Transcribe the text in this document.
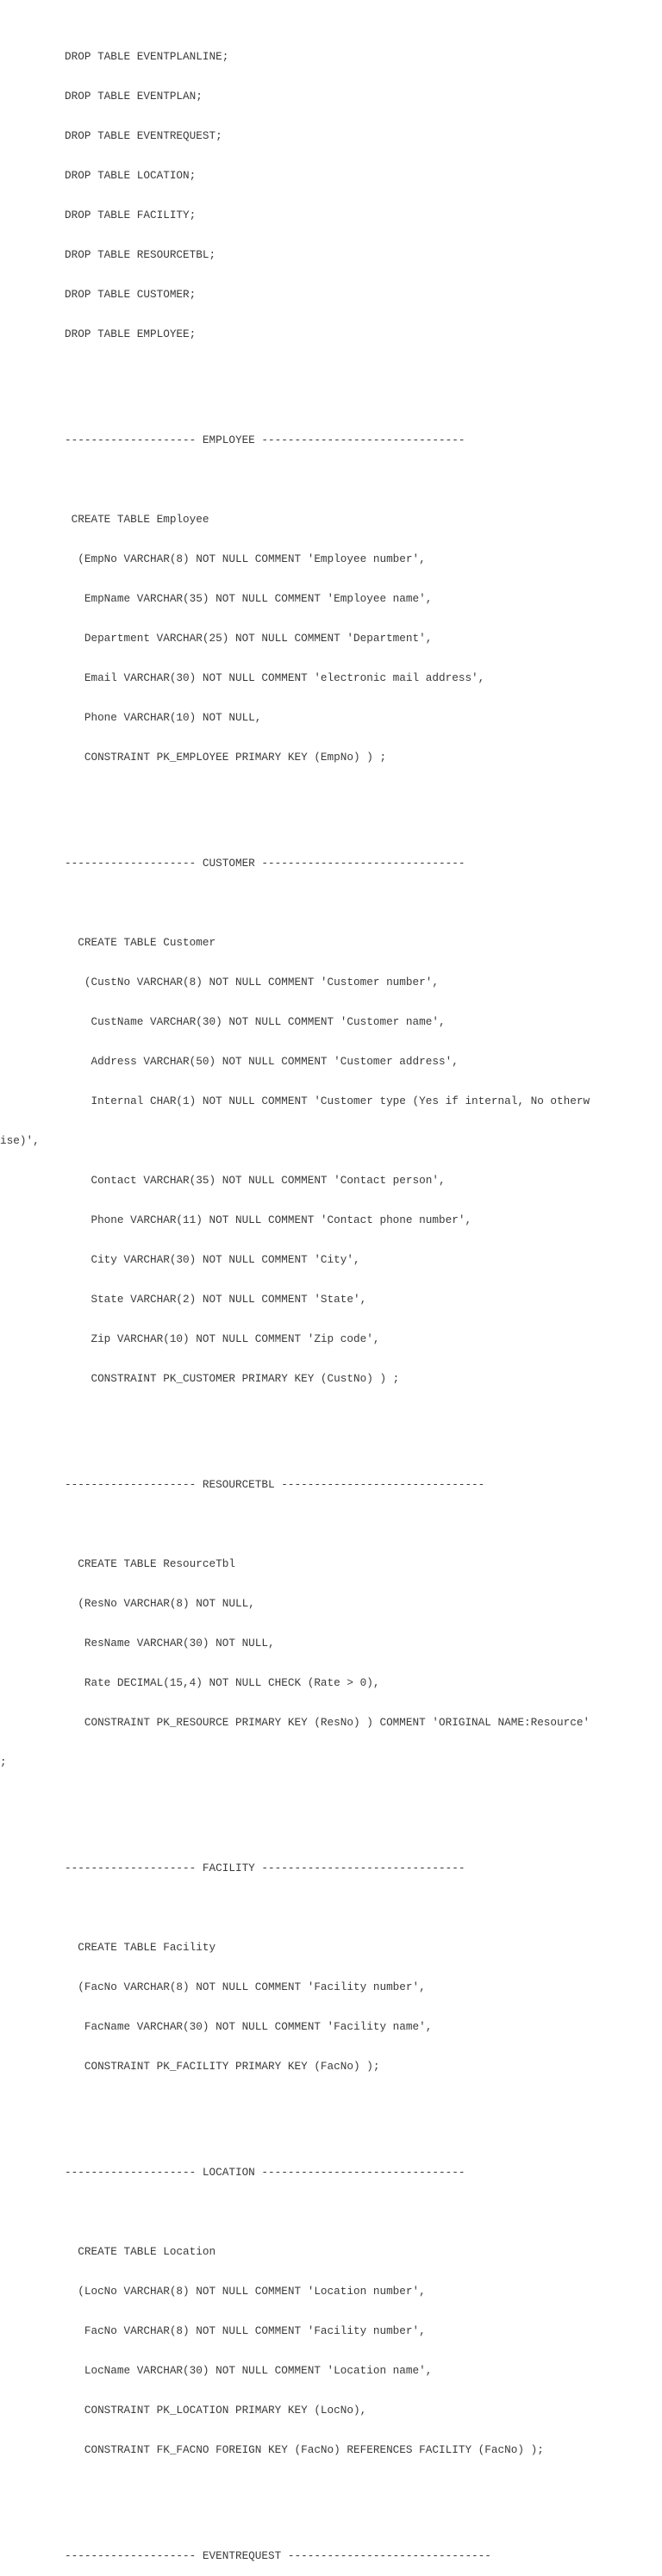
DROP TABLE EVENTPLANLINE;

DROP TABLE EVENTPLAN;

DROP TABLE EVENTREQUEST;

DROP TABLE LOCATION;

DROP TABLE FACILITY;

DROP TABLE RESOURCETBL;

DROP TABLE CUSTOMER;

DROP TABLE EMPLOYEE;

-------------------- EMPLOYEE -------------------------------

CREATE TABLE Employee

(EmpNo VARCHAR(8) NOT NULL COMMENT 'Employee number',

EmpName VARCHAR(35) NOT NULL COMMENT 'Employee name',

Department VARCHAR(25) NOT NULL COMMENT 'Department',

Email VARCHAR(30) NOT NULL COMMENT 'electronic mail address',

Phone VARCHAR(10) NOT NULL,

CONSTRAINT PK_EMPLOYEE PRIMARY KEY (EmpNo) ) ;

-------------------- CUSTOMER -------------------------------

CREATE TABLE Customer

(CustNo VARCHAR(8) NOT NULL COMMENT 'Customer number',

CustName VARCHAR(30) NOT NULL COMMENT 'Customer name',

Address VARCHAR(50) NOT NULL COMMENT 'Customer address',

Internal CHAR(1) NOT NULL COMMENT 'Customer type (Yes if internal, No otherw

ise)',

Contact VARCHAR(35) NOT NULL COMMENT 'Contact person',

Phone VARCHAR(11) NOT NULL COMMENT 'Contact phone number',

City VARCHAR(30) NOT NULL COMMENT 'City',

State VARCHAR(2) NOT NULL COMMENT 'State',

Zip VARCHAR(10) NOT NULL COMMENT 'Zip code',

CONSTRAINT PK_CUSTOMER PRIMARY KEY (CustNo) ) ;

-------------------- RESOURCETBL -------------------------------

CREATE TABLE ResourceTbl

(ResNo VARCHAR(8) NOT NULL,

ResName VARCHAR(30) NOT NULL,

Rate DECIMAL(15,4) NOT NULL CHECK (Rate > 0),

CONSTRAINT PK_RESOURCE PRIMARY KEY (ResNo) ) COMMENT 'ORIGINAL NAME:Resource'

;

-------------------- FACILITY -------------------------------

CREATE TABLE Facility

(FacNo VARCHAR(8) NOT NULL COMMENT 'Facility number',

FacName VARCHAR(30) NOT NULL COMMENT 'Facility name',

CONSTRAINT PK_FACILITY PRIMARY KEY (FacNo) );

-------------------- LOCATION -------------------------------

CREATE TABLE Location

(LocNo VARCHAR(8) NOT NULL COMMENT 'Location number',

FacNo VARCHAR(8) NOT NULL COMMENT 'Facility number',

LocName VARCHAR(30) NOT NULL COMMENT 'Location name',

CONSTRAINT PK_LOCATION PRIMARY KEY (LocNo),

CONSTRAINT FK_FACNO FOREIGN KEY (FacNo) REFERENCES FACILITY (FacNo) );

-------------------- EVENTREQUEST -------------------------------
